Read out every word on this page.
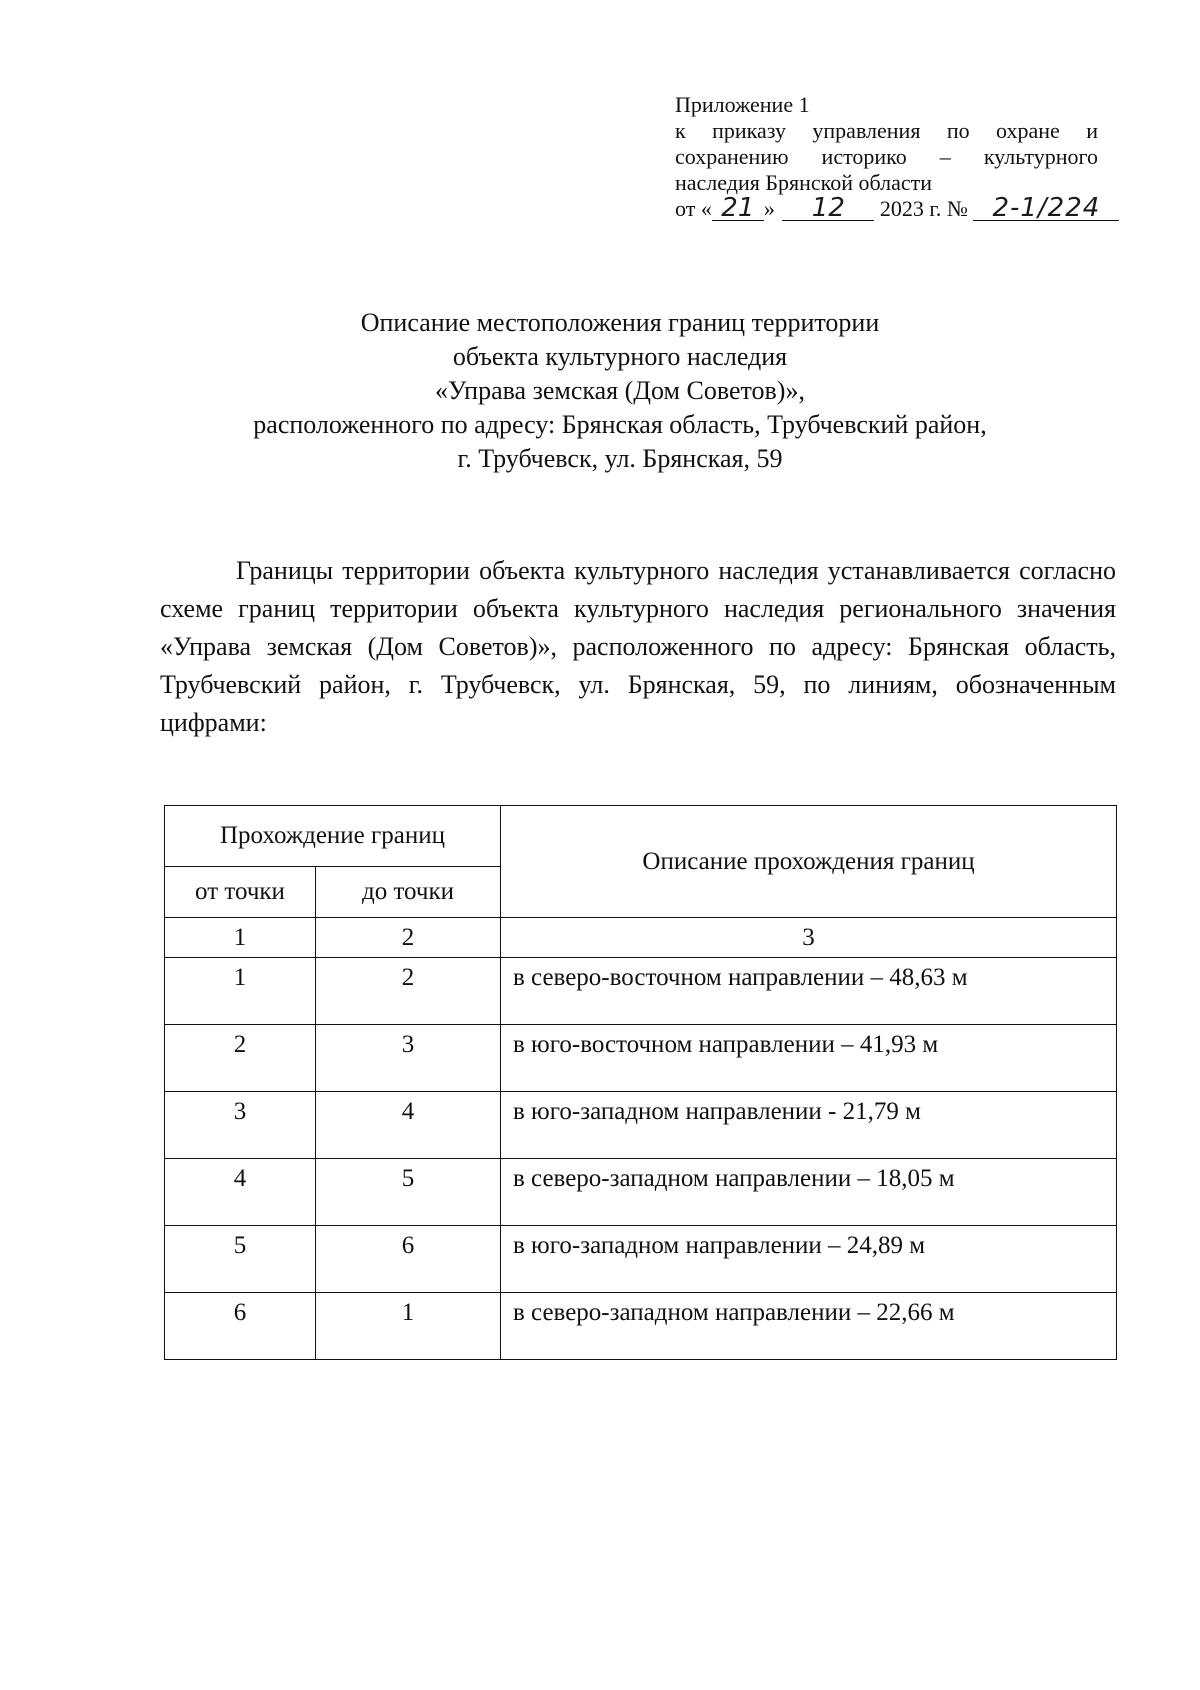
Приложение 1
к приказу управления по охране и
сохранению историко – культурного
наследия Брянской области
от « 21 » 12 2023 г. № 2-1/224
Описание местоположения границ территории
объекта культурного наследия
«Управа земская (Дом Советов)»,
расположенного по адресу: Брянская область, Трубчевский район,
г. Трубчевск, ул. Брянская, 59
Границы территории объекта культурного наследия устанавливается согласно схеме границ территории объекта культурного наследия регионального значения «Управа земская (Дом Советов)», расположенного по адресу: Брянская область, Трубчевский район, г. Трубчевск, ул. Брянская, 59, по линиям, обозначенным цифрами:
Прохождение границ		Описание прохождения границ
от точки	до точки	
1	2	3
1	2	в северо-восточном направлении – 48,63 м
2	3	в юго-восточном направлении – 41,93 м
3	4	в юго-западном направлении - 21,79 м
4	5	в северо-западном направлении – 18,05 м
5	6	в юго-западном направлении – 24,89 м
6	1	в северо-западном направлении – 22,66 м
